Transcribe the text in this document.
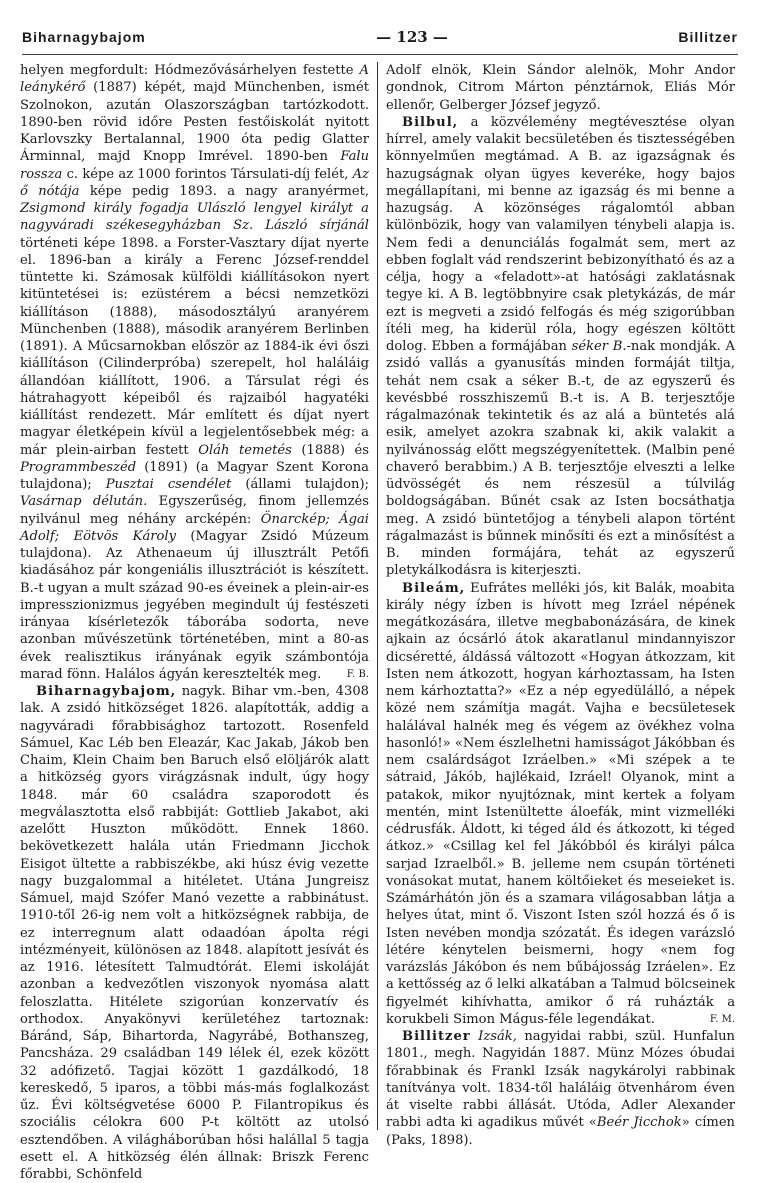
Biharnagybajom	— 123 —	Billitzer

helyen megfordult: Hódmezővásárhelyen festette A leánykérő (1887) képét, majd Münchenben, ismét Szolnokon, azután Olaszországban tartózkodott. 1890-ben rövid időre Pesten festőiskolát nyitott Karlovszky Bertalannal, 1900 óta pedig Glatter Árminnal, majd Knopp Imrével. 1890-ben Falu rossza c. képe az 1000 forintos Társulati-díj felét, Az ő nótája képe pedig 1893. a nagy aranyérmet, Zsigmond király fogadja Ulászló lengyel királyt a nagyváradi székesegyházban Sz. László sírjánál történeti képe 1898. a Forster-Vasztary díjat nyerte el. 1896-ban a király a Ferenc József-renddel tüntette ki. Számosak külföldi kiállításokon nyert kitüntetései is: ezüstérem a bécsi nemzetközi kiállításon (1888), másodosztályú aranyérem Münchenben (1888), második aranyérem Berlinben (1891). A Műcsarnokban először az 1884-ik évi őszi kiállításon (Cilinderpróba) szerepelt, hol haláláig állandóan kiállított, 1906. a Társulat régi és hátrahagyott képeiből és rajzaiból hagyatéki kiállítást rendezett. Már említett és díjat nyert magyar életképein kívül a legjelentősebbek még: a már plein-airban festett Oláh temetés (1888) és Programmbeszéd (1891) (a Magyar Szent Korona tulajdona); Pusztai csendélet (állami tulajdon); Vasárnap délután. Egyszerűség, finom jellemzés nyilvánul meg néhány arcképén: Önarckép; Ágai Adolf; Eötvös Károly (Magyar Zsidó Múzeum tulajdona). Az Athenaeum új illusztrált Petőfi kiadásához pár kongeniális illusztrációt is készített. B.-t ugyan a mult század 90-es éveinek a plein-air-es impresszionizmus jegyében megindult új festészeti irányaa kísérletezők táborába sodorta, neve azonban művészetünk történetében, mint a 80-as évek realisztikus irányának egyik számbontója marad fönn. Halálos ágyán keresztelték meg.	F. B.

Biharnagybajom, nagyk. Bihar vm.-ben, 4308 lak. A zsidó hitközséget 1826. alapították, addig a nagyváradi főrabbisághoz tartozott. Rosenfeld Sámuel, Kac Léb ben Eleazár, Kac Jakab, Jákob ben Chaim, Klein Chaim ben Baruch első elöljárók alatt a hitközség gyors virágzásnak indult, úgy hogy 1848. már 60 családra szaporodott és megválasztotta első rabbiját: Gottlieb Jakabot, aki azelőtt Huszton működött. Ennek 1860. bekövetkezett halála után Friedmann Jicchok Eisigot ültette a rabbiszékbe, aki húsz évig vezette nagy buzgalommal a hitéletet. Utána Jungreisz Sámuel, majd Szófer Manó vezette a rabbinátust. 1910-től 26-ig nem volt a hitközségnek rabbija, de ez interregnum alatt odaadóan ápolta régi intézményeit, különösen az 1848. alapított jesívát és az 1916. létesített Talmudtórát. Elemi iskoláját azonban a kedvezőtlen viszonyok nyomása alatt feloszlatta. Hitélete szigorúan konzervatív és orthodox. Anyakönyvi kerületéhez tartoznak: Báránd, Sáp, Bihartorda, Nagyrábé, Bothanszeg, Pancsháza. 29 családban 149 lélek él, ezek között 32 adófizető. Tagjai között 1 gazdálkodó, 18 kereskedő, 5 iparos, a többi más-más foglalkozást űz. Évi költségvetése 6000 P. Filantropikus és szociális célokra 600 P-t költött az utolsó esztendőben. A világháborúban hősi halállal 5 tagja esett el. A hitközség élén állnak: Briszk Ferenc főrabbi, Schönfeld

Adolf elnök, Klein Sándor alelnök, Mohr Andor gondnok, Citrom Márton pénztárnok, Eliás Mór ellenőr, Gelberger József jegyző.

Bilbul, a közvélemény megtévesztése olyan hírrel, amely valakit becsületében és tisztességében könnyelműen megtámad. A B. az igazságnak és hazugságnak olyan ügyes keveréke, hogy bajos megállapítani, mi benne az igazság és mi benne a hazugság. A közönséges rágalomtól abban különbözik, hogy van valamilyen ténybeli alapja is. Nem fedi a denunciálás fogalmát sem, mert az ebben foglalt vád rendszerint bebizonyítható és az a célja, hogy a «feladott»-at hatósági zaklatásnak tegye ki. A B. legtöbbnyire csak pletykázás, de már ezt is megveti a zsidó felfogás és még szigorúbban ítéli meg, ha kiderül róla, hogy egészen költött dolog. Ebben a formájában séker B.-nak mondják. A zsidó vallás a gyanusítás minden formáját tiltja, tehát nem csak a séker B.-t, de az egyszerű és kevésbbé rosszhiszemű B.-t is. A B. terjesztője rágalmazónak tekintetik és az alá a büntetés alá esik, amelyet azokra szabnak ki, akik valakit a nyilvánosság előtt megszégyenítettek. (Malbin pené chaveró berabbim.) A B. terjesztője elveszti a lelke üdvösségét és nem részesül a túlvilág boldogságában. Bűnét csak az Isten bocsáthatja meg. A zsidó büntetőjog a ténybeli alapon történt rágalmazást is bűnnek minősíti és ezt a minősítést a B. minden formájára, tehát az egyszerű pletykálkodásra is kiterjeszti.

Bileám, Eufrátes melléki jós, kit Balák, moabita király négy ízben is hívott meg Izráel népének megátkozására, illetve megbabonázására, de kinek ajkain az ócsárló átok akaratlanul mindannyiszor dicséretté, áldássá változott «Hogyan átkozzam, kit Isten nem átkozott, hogyan kárhoztassam, ha Isten nem kárhoztatta?» «Ez a nép egyedülálló, a népek közé nem számítja magát. Vajha e becsületesek halálával halnék meg és végem az övékhez volna hasonló!» «Nem észlelhetni hamisságot Jákóbban és nem csalárdságot Izráelben.» «Mi szépek a te sátraid, Jákób, hajlékaid, Izráel! Olyanok, mint a patakok, mikor nyujtóznak, mint kertek a folyam mentén, mint Istenültette áloefák, mint vizmelléki cédrusfák. Áldott, ki téged áld és átkozott, ki téged átkoz.» «Csillag kel fel Jákóbból és királyi pálca sarjad Izraelből.» B. jelleme nem csupán történeti vonásokat mutat, hanem költőieket és meseieket is. Számárhátón jön és a szamara világosabban látja a helyes útat, mint ő. Viszont Isten szól hozzá és ő is Isten nevében mondja szózatát. És idegen varázsló létére kénytelen beismerni, hogy «nem fog varázslás Jákóbon és nem bűbájosság Izráelen». Ez a kettősség az ő lelki alkatában a Talmud bölcseinek figyelmét kihívhatta, amikor ő rá ruházták a korukbeli Simon Mágus-féle legendákat.	F. M.

Billitzer Izsák, nagyidai rabbi, szül. Hunfalun 1801., megh. Nagyidán 1887. Münz Mózes óbudai főrabbinak és Frankl Izsák nagykárolyi rabbinak tanítványa volt. 1834-től haláláig ötvenhárom éven át viselte rabbi állását. Utóda, Adler Alexander rabbi adta ki agadikus művét «Beér Jicchok» címen (Paks, 1898).
